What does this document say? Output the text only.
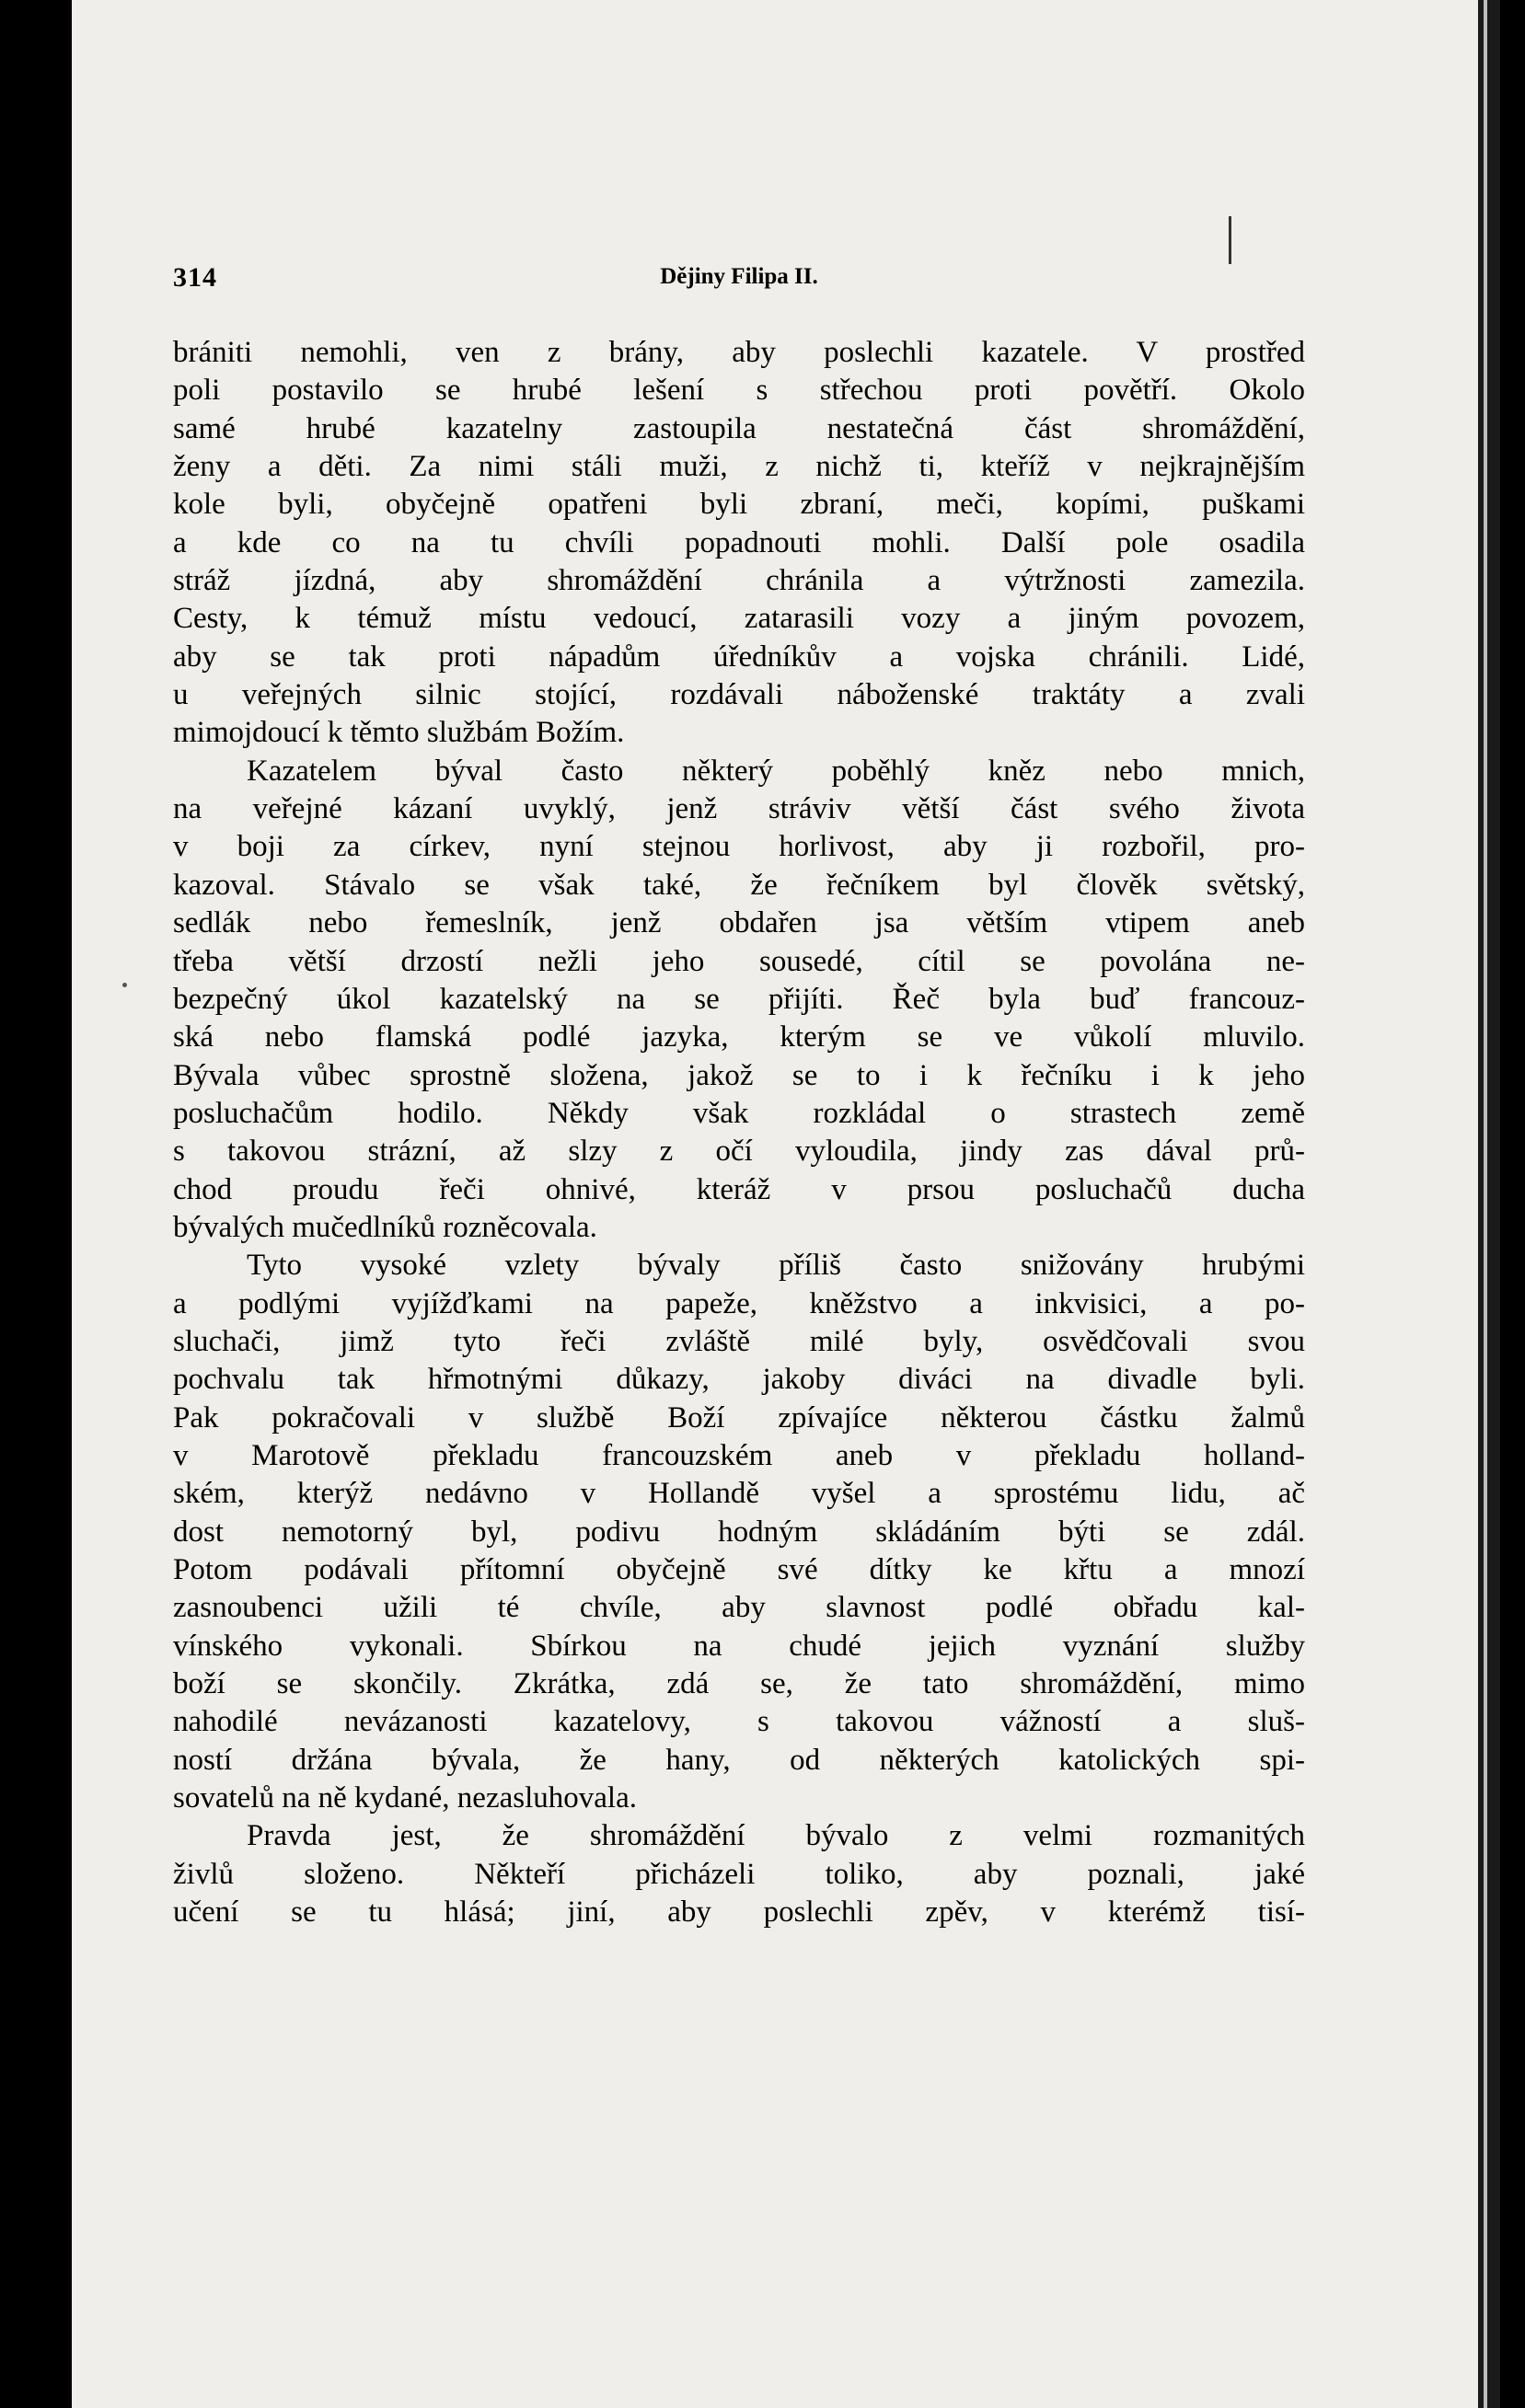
314	Dějiny Filipa II.
brániti nemohli, ven z brány, aby poslechli kazatele. V prostřed
poli postavilo se hrubé lešení s střechou proti povětří. Okolo
samé hrubé kazatelny zastoupila nestatečná část shromáždění,
ženy a děti. Za nimi stáli muži, z nichž ti, kteříž v nejkrajnějším
kole byli, obyčejně opatřeni byli zbraní, meči, kopími, puškami
a kde co na tu chvíli popadnouti mohli. Další pole osadila
stráž jízdná, aby shromáždění chránila a výtržnosti zamezila.
Cesty, k témuž místu vedoucí, zatarasili vozy a jiným povozem,
aby se tak proti nápadům úředníkův a vojska chránili. Lidé,
u veřejných silnic stojící, rozdávali náboženské traktáty a zvali
mimojdoucí k těmto službám Božím.
Kazatelem býval často některý poběhlý kněz nebo mnich,
na veřejné kázaní uvyklý, jenž stráviv větší část svého života
v boji za církev, nyní stejnou horlivost, aby ji rozbořil, pro-
kazoval. Stávalo se však také, že řečníkem byl člověk světský,
sedlák nebo řemeslník, jenž obdařen jsa větším vtipem aneb
třeba větší drzostí nežli jeho sousedé, cítil se povolána ne-
bezpečný úkol kazatelský na se přijíti. Řeč byla buď francouz-
ská nebo flamská podlé jazyka, kterým se ve vůkolí mluvilo.
Bývala vůbec sprostně složena, jakož se to i k řečníku i k jeho
posluchačům hodilo. Někdy však rozkládal o strastech země
s takovou strázní, až slzy z očí vyloudila, jindy zas dával prů-
chod proudu řeči ohnivé, kteráž v prsou posluchačů ducha
bývalých mučedlníků rozněcovala.
Tyto vysoké vzlety bývaly příliš často snižovány hrubými
a podlými vyjížďkami na papeže, kněžstvo a inkvisici, a po-
sluchači, jimž tyto řeči zvláště milé byly, osvědčovali svou
pochvalu tak hřmotnými důkazy, jakoby diváci na divadle byli.
Pak pokračovali v službě Boží zpívajíce některou částku žalmů
v Marotově překladu francouzském aneb v překladu holland-
ském, kterýž nedávno v Hollandě vyšel a sprostému lidu, ač
dost nemotorný byl, podivu hodným skládáním býti se zdál.
Potom podávali přítomní obyčejně své dítky ke křtu a mnozí
zasnoubenci užili té chvíle, aby slavnost podlé obřadu kal-
vínského vykonali. Sbírkou na chudé jejich vyznání služby
boží se skončily. Zkrátka, zdá se, že tato shromáždění, mimo
nahodilé nevázanosti kazatelovy, s takovou vážností a sluš-
ností držána bývala, že hany, od některých katolických spi-
sovatelů na ně kydané, nezasluhovala.
Pravda jest, že shromáždění bývalo z velmi rozmanitých
živlů složeno. Někteří přicházeli toliko, aby poznali, jaké
učení se tu hlásá; jiní, aby poslechli zpěv, v kterémž tisí-
